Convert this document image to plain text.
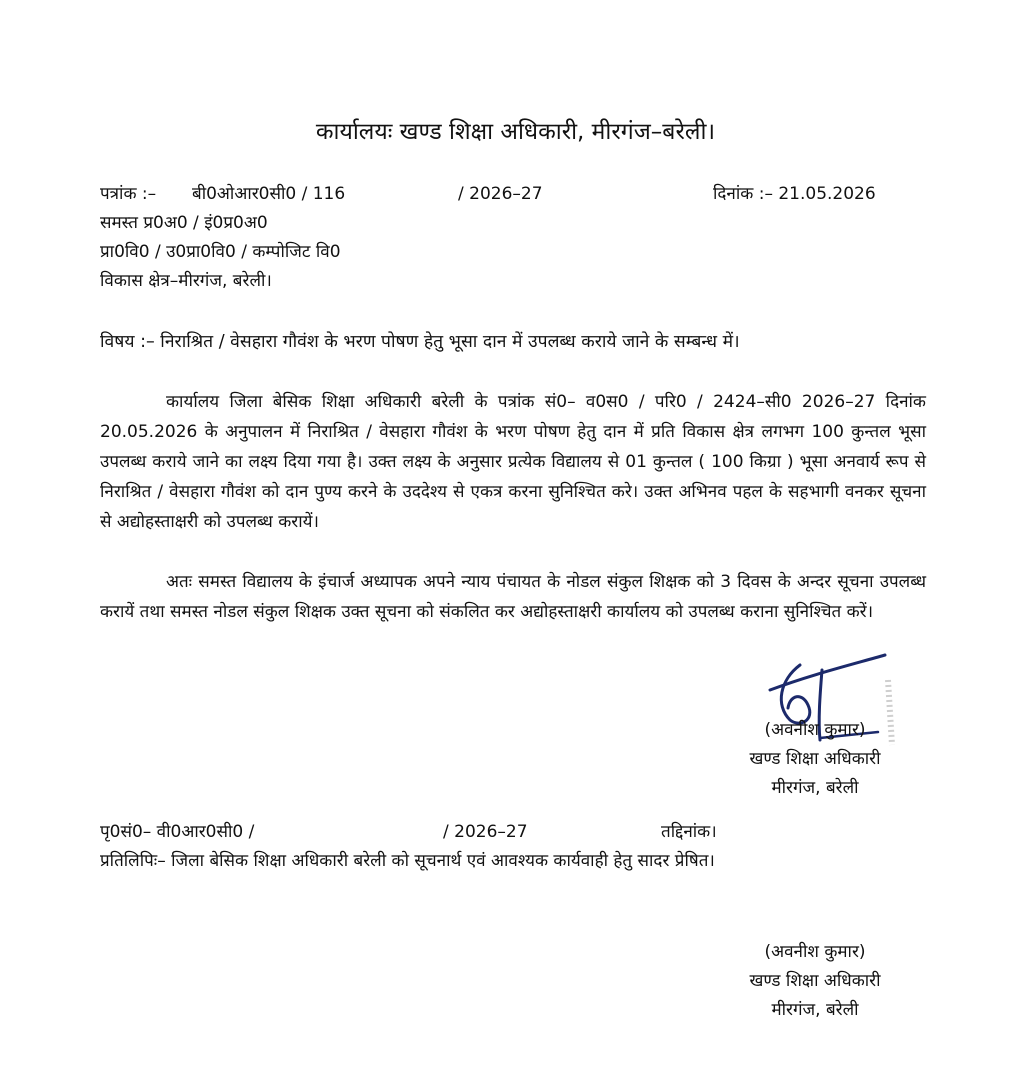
कार्यालयः खण्ड शिक्षा अधिकारी, मीरगंज–बरेली।
पत्रांक :– बी0ओआर0सी0 / 116	/ 2026–27	दिनांक :– 21.05.2026
समस्त प्र0अ0 / इं0प्र0अ0
प्रा0वि0 / उ0प्रा0वि0 / कम्पोजिट वि0
विकास क्षेत्र–मीरगंज, बरेली।
विषय :– निराश्रित / वेसहारा गौवंश के भरण पोषण हेतु भूसा दान में उपलब्ध कराये जाने के सम्बन्ध में।
कार्यालय जिला बेसिक शिक्षा अधिकारी बरेली के पत्रांक सं0– व0स0 / परि0 / 2424–सी0 2026–27 दिनांक 20.05.2026 के अनुपालन में निराश्रित / वेसहारा गौवंश के भरण पोषण हेतु दान में प्रति विकास क्षेत्र लगभग 100 कुन्तल भूसा उपलब्ध कराये जाने का लक्ष्य दिया गया है। उक्त लक्ष्य के अनुसार प्रत्येक विद्यालय से 01 कुन्तल ( 100 किग्रा ) भूसा अनवार्य रूप से निराश्रित / वेसहारा गौवंश को दान पुण्य करने के उददेश्य से एकत्र करना सुनिश्चित करे। उक्त अभिनव पहल के सहभागी वनकर सूचना से अद्योहस्ताक्षरी को उपलब्ध करायें।
अतः समस्त विद्यालय के इंचार्ज अध्यापक अपने न्याय पंचायत के नोडल संकुल शिक्षक को 3 दिवस के अन्दर सूचना उपलब्ध करायें तथा समस्त नोडल संकुल शिक्षक उक्त सूचना को संकलित कर अद्योहस्ताक्षरी कार्यालय को उपलब्ध कराना सुनिश्चित करें।
(अवनीश कुमार)
खण्ड शिक्षा अधिकारी
मीरगंज, बरेली
पृ0सं0– वी0आर0सी0 /	/ 2026–27	तद्दिनांक।
प्रतिलिपिः– जिला बेसिक शिक्षा अधिकारी बरेली को सूचनार्थ एवं आवश्यक कार्यवाही हेतु सादर प्रेषित।
(अवनीश कुमार)
खण्ड शिक्षा अधिकारी
मीरगंज, बरेली
